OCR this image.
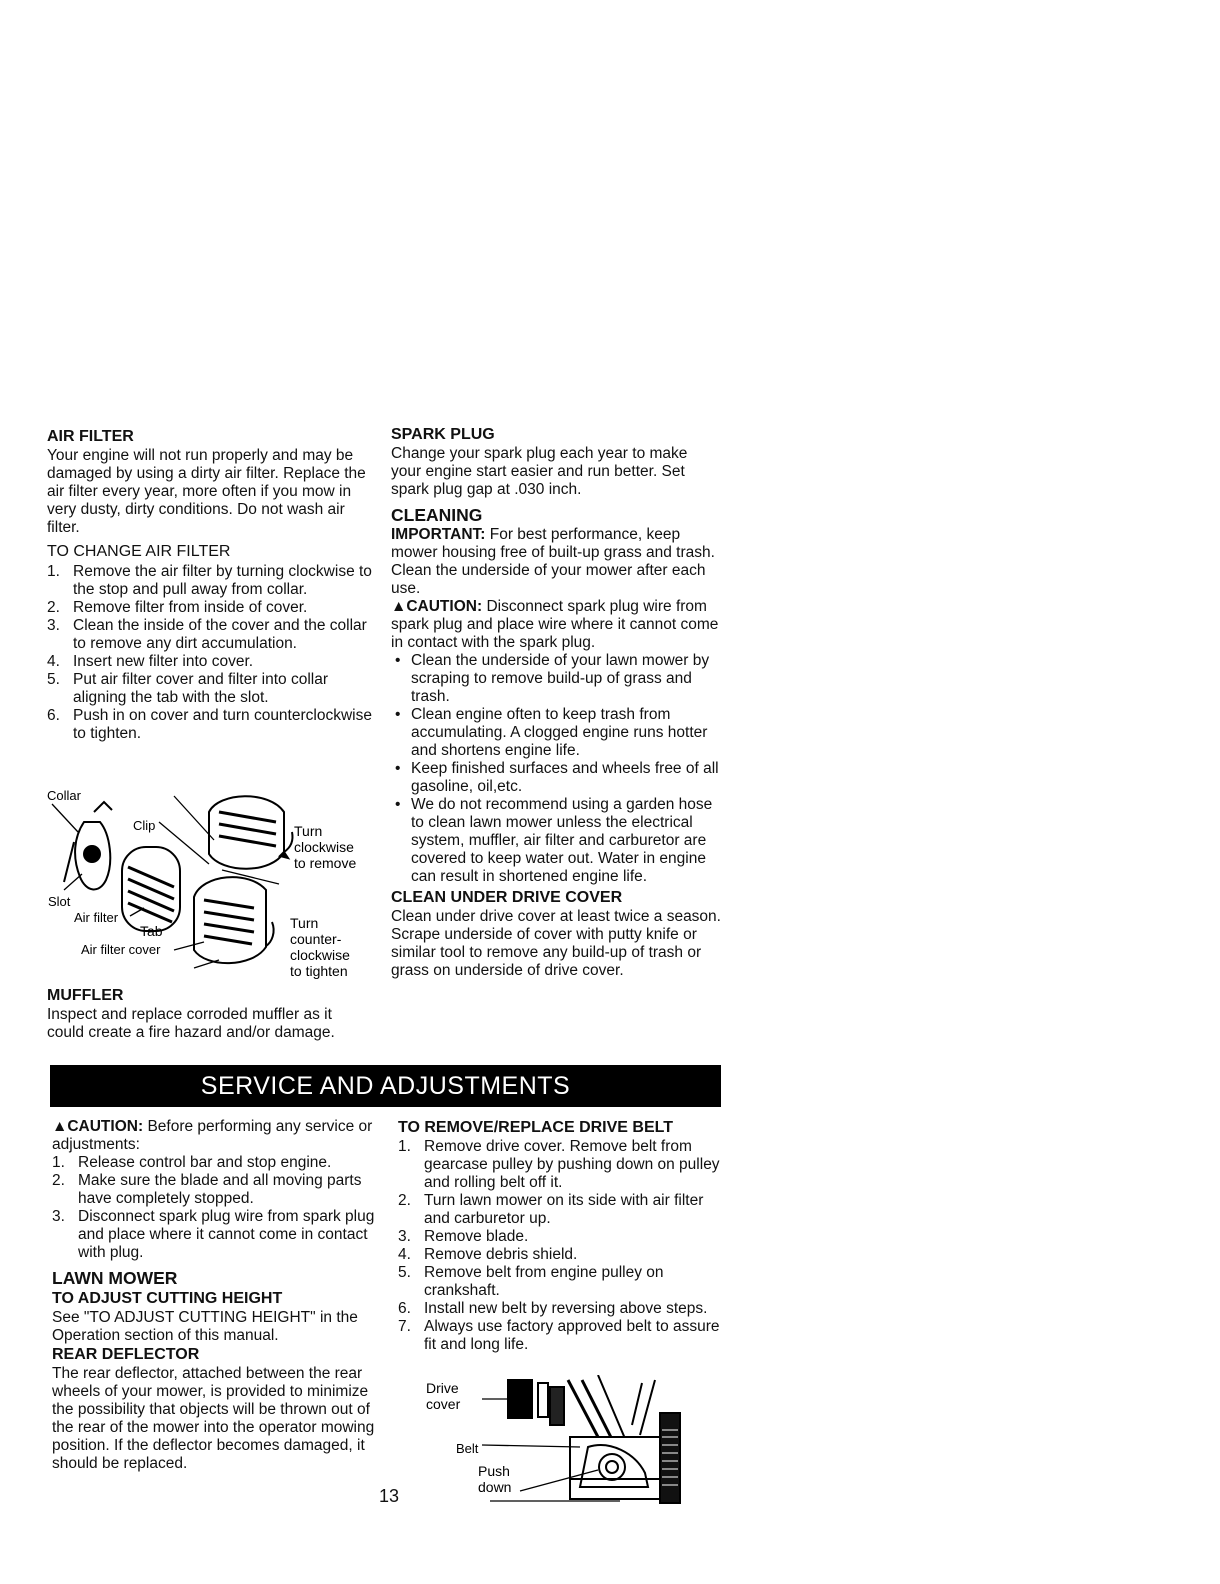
AIR FILTER

Your engine will not run properly and may be damaged by using a dirty air filter. Replace the air filter every year, more often if you mow in very dusty, dirty conditions. Do not wash air filter.

TO CHANGE AIR FILTER
1. Remove the air filter by turning clockwise to the stop and pull away from collar.
2. Remove filter from inside of cover.
3. Clean the inside of the cover and the collar to remove any dirt accumulation.
4. Insert new filter into cover.
5. Put air filter cover and filter into collar aligning the tab with the slot.
6. Push in on cover and turn counterclockwise to tighten.
Collar
Clip	Turn
clockwise
to remove
Slot
Air filter
Tab
Air filter cover
Turn
counter-
clockwise
to tighten
MUFFLER

Inspect and replace corroded muffler as it could create a fire hazard and/or damage.

SPARK PLUG

Change your spark plug each year to make your engine start easier and run better. Set spark plug gap at .030 inch.

CLEANING

IMPORTANT: For best performance, keep mower housing free of built-up grass and trash. Clean the underside of your mower after each use.

▲CAUTION: Disconnect spark plug wire from spark plug and place wire where it cannot come in contact with the spark plug.

• Clean the underside of your lawn mower by scraping to remove build-up of grass and trash.
• Clean engine often to keep trash from accumulating. A clogged engine runs hotter and shortens engine life.
• Keep finished surfaces and wheels free of all gasoline, oil,etc.
• We do not recommend using a garden hose to clean lawn mower unless the electrical system, muffler, air filter and carburetor are covered to keep water out. Water in engine can result in shortened engine life.
CLEAN UNDER DRIVE COVER

Clean under drive cover at least twice a season. Scrape underside of cover with putty knife or similar tool to remove any build-up of trash or grass on underside of drive cover.

SERVICE AND ADJUSTMENTS

▲CAUTION: Before performing any service or adjustments:

1. Release control bar and stop engine.
2. Make sure the blade and all moving parts have completely stopped.
3. Disconnect spark plug wire from spark plug and place where it cannot come in contact with plug.
LAWN MOWER
TO ADJUST CUTTING HEIGHT

See "TO ADJUST CUTTING HEIGHT" in the Operation section of this manual.

REAR DEFLECTOR

The rear deflector, attached between the rear wheels of your mower, is provided to minimize the possibility that objects will be thrown out of the rear of the mower into the operator mowing position. If the deflector becomes damaged, it should be replaced.

TO REMOVE/REPLACE DRIVE BELT
1. Remove drive cover. Remove belt from gearcase pulley by pushing down on pulley and rolling belt off it.
2. Turn lawn mower on its side with air filter and carburetor up.
3. Remove blade.
4. Remove debris shield.
5. Remove belt from engine pulley on crankshaft.
6. Install new belt by reversing above steps.
7. Always use factory approved belt to assure fit and long life.
Drive
cover
Belt
Push
down
13
